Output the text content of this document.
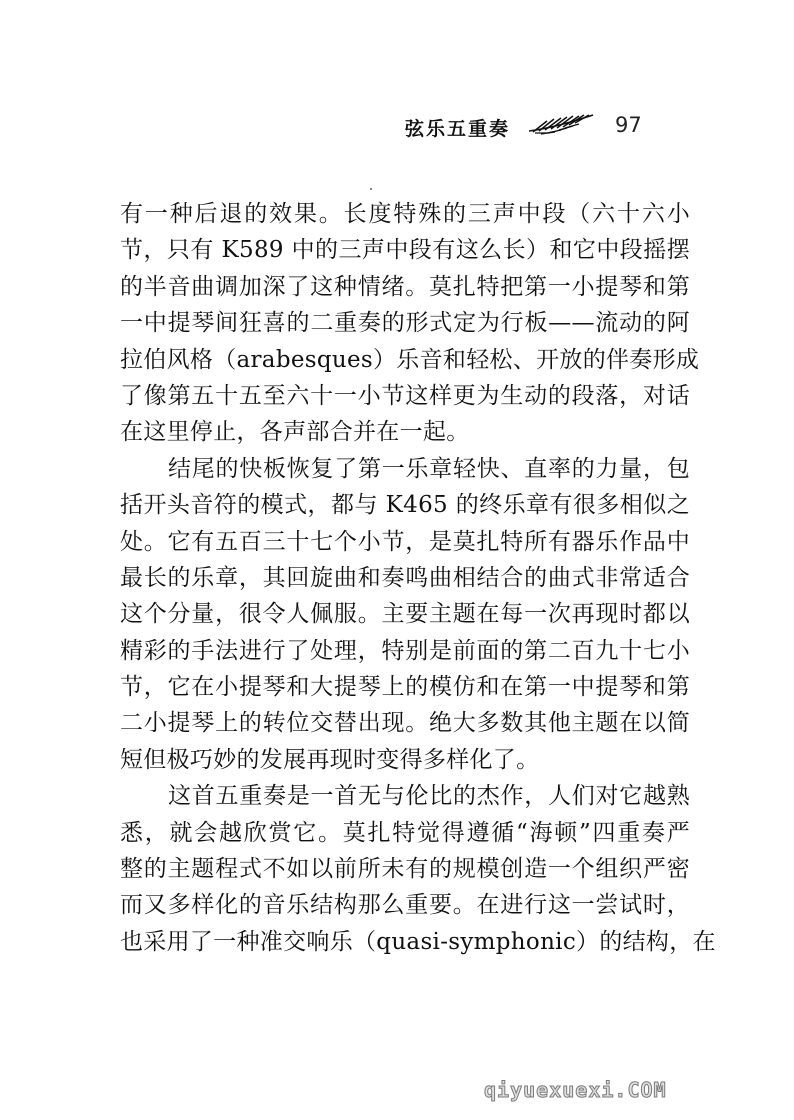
弦乐五重奏	97
有一种后退的效果。长度特殊的三声中段（六十六小
节，只有 K589 中的三声中段有这么长）和它中段摇摆
的半音曲调加深了这种情绪。莫扎特把第一小提琴和第
一中提琴间狂喜的二重奏的形式定为行板——流动的阿
拉伯风格（arabesques）乐音和轻松、开放的伴奏形成
了像第五十五至六十一小节这样更为生动的段落，对话
在这里停止，各声部合并在一起。
结尾的快板恢复了第一乐章轻快、直率的力量，包
括开头音符的模式，都与 K465 的终乐章有很多相似之
处。它有五百三十七个小节，是莫扎特所有器乐作品中
最长的乐章，其回旋曲和奏鸣曲相结合的曲式非常适合
这个分量，很令人佩服。主要主题在每一次再现时都以
精彩的手法进行了处理，特别是前面的第二百九十七小
节，它在小提琴和大提琴上的模仿和在第一中提琴和第
二小提琴上的转位交替出现。绝大多数其他主题在以简
短但极巧妙的发展再现时变得多样化了。
这首五重奏是一首无与伦比的杰作，人们对它越熟
悉，就会越欣赏它。莫扎特觉得遵循“海顿”四重奏严
整的主题程式不如以前所未有的规模创造一个组织严密
而又多样化的音乐结构那么重要。在进行这一尝试时，
也采用了一种准交响乐（quasi-symphonic）的结构，在
qiyuexuexi.COM
